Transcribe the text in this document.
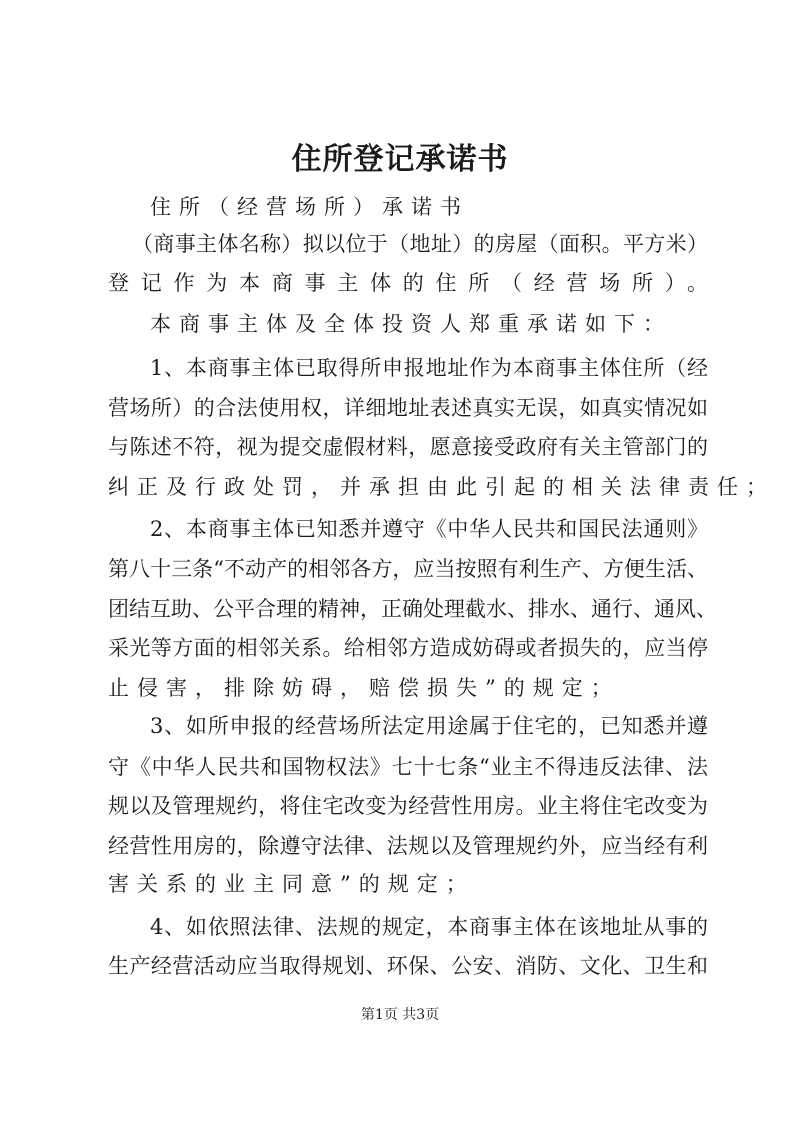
住所登记承诺书
住所（经营场所）承诺书
（商事主体名称）拟以位于（地址）的房屋（面积。平方米）
登记作为本商事主体的住所（经营场所）。
本商事主体及全体投资人郑重承诺如下：
1、本商事主体已取得所申报地址作为本商事主体住所（经
营场所）的合法使用权，详细地址表述真实无误，如真实情况如
与陈述不符，视为提交虚假材料，愿意接受政府有关主管部门的
纠正及行政处罚，并承担由此引起的相关法律责任；
2、本商事主体已知悉并遵守《中华人民共和国民法通则》
第八十三条“不动产的相邻各方，应当按照有利生产、方便生活、
团结互助、公平合理的精神，正确处理截水、排水、通行、通风、
采光等方面的相邻关系。给相邻方造成妨碍或者损失的，应当停
止侵害，排除妨碍，赔偿损失”的规定；
3、如所申报的经营场所法定用途属于住宅的，已知悉并遵
守《中华人民共和国物权法》七十七条“业主不得违反法律、法
规以及管理规约，将住宅改变为经营性用房。业主将住宅改变为
经营性用房的，除遵守法律、法规以及管理规约外，应当经有利
害关系的业主同意”的规定；
4、如依照法律、法规的规定，本商事主体在该地址从事的
生产经营活动应当取得规划、环保、公安、消防、文化、卫生和
第1页 共3页
